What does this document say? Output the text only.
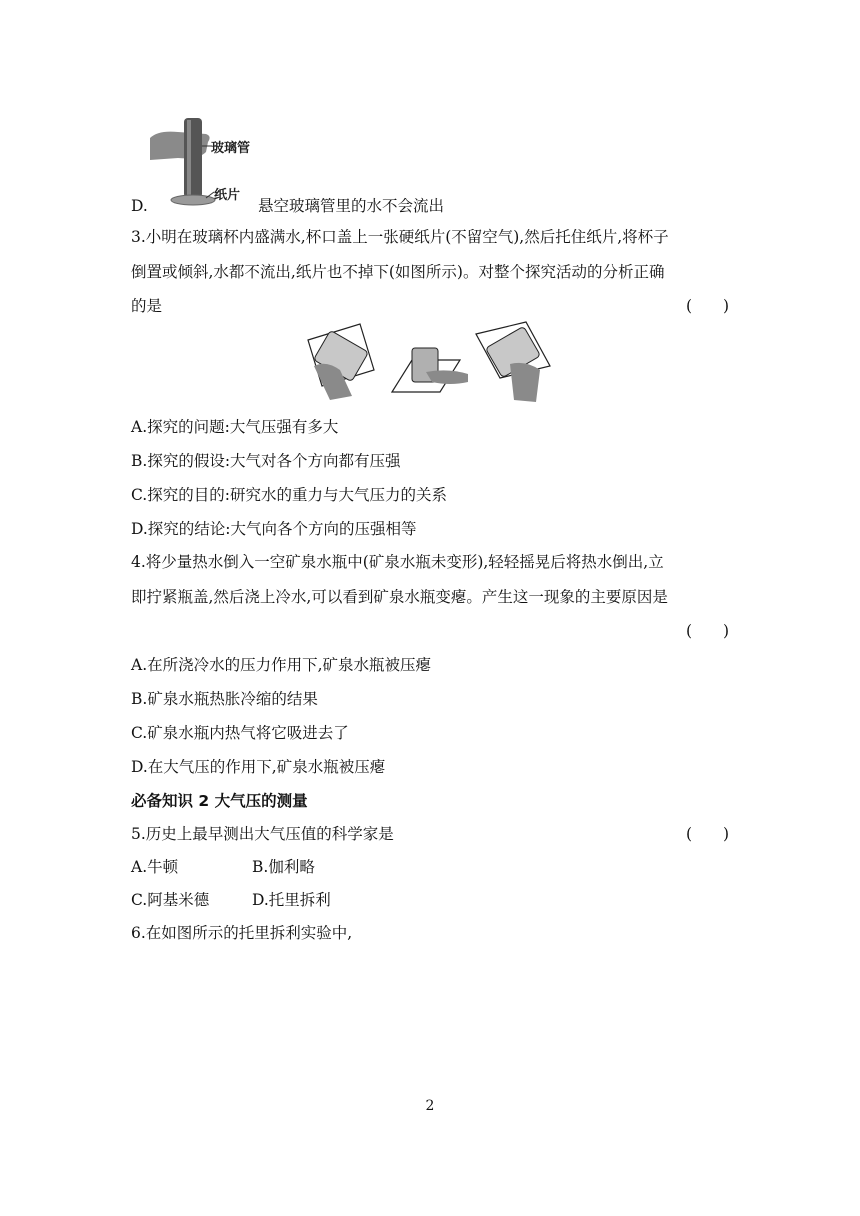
玻璃管
纸片
D.	悬空玻璃管里的水不会流出
3.小明在玻璃杯内盛满水,杯口盖上一张硬纸片(不留空气),然后托住纸片,将杯子
倒置或倾斜,水都不流出,纸片也不掉下(如图所示)。对整个探究活动的分析正确
的是	(　　)
A.探究的问题:大气压强有多大
B.探究的假设:大气对各个方向都有压强
C.探究的目的:研究水的重力与大气压力的关系
D.探究的结论:大气向各个方向的压强相等
4.将少量热水倒入一空矿泉水瓶中(矿泉水瓶未变形),轻轻摇晃后将热水倒出,立
即拧紧瓶盖,然后浇上冷水,可以看到矿泉水瓶变瘪。产生这一现象的主要原因是
(　　)
A.在所浇冷水的压力作用下,矿泉水瓶被压瘪
B.矿泉水瓶热胀冷缩的结果
C.矿泉水瓶内热气将它吸进去了
D.在大气压的作用下,矿泉水瓶被压瘪
必备知识 2 大气压的测量
5.历史上最早测出大气压值的科学家是	(　　)
A.牛顿	B.伽利略
C.阿基米德	D.托里拆利
6.在如图所示的托里拆利实验中,
2
